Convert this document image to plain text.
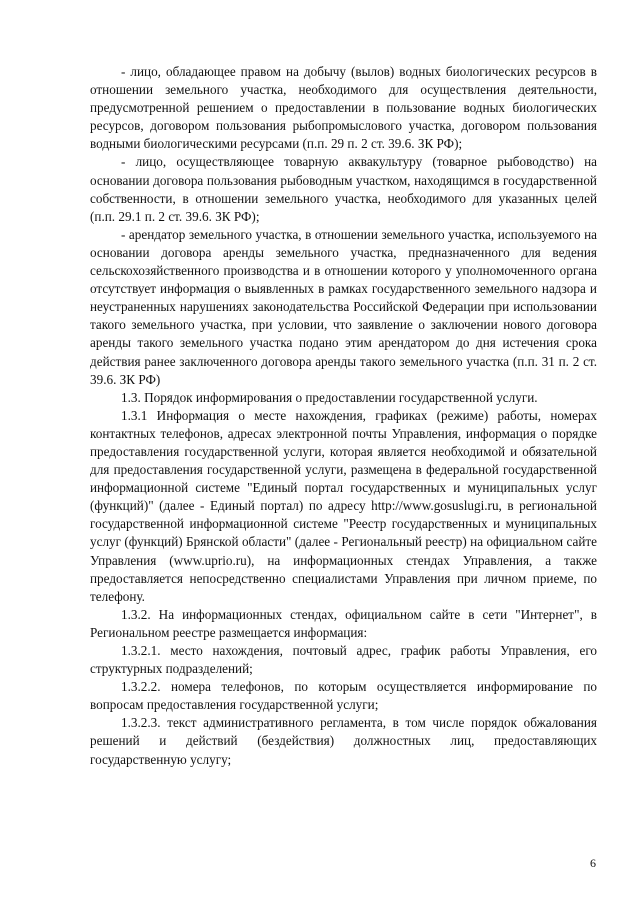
- лицо, обладающее правом на добычу (вылов) водных биологических ресурсов в отношении земельного участка, необходимого для осуществления деятельности, предусмотренной решением о предоставлении в пользование водных биологических ресурсов, договором пользования рыбопромыслового участка, договором пользования водными биологическими ресурсами (п.п. 29 п. 2 ст. 39.6. ЗК РФ);

- лицо, осуществляющее товарную аквакультуру (товарное рыбоводство) на основании договора пользования рыбоводным участком, находящимся в государственной собственности, в отношении земельного участка, необходимого для указанных целей (п.п. 29.1 п. 2 ст. 39.6. ЗК РФ);

- арендатор земельного участка, в отношении земельного участка, используемого на основании договора аренды земельного участка, предназначенного для ведения сельскохозяйственного производства и в отношении которого у уполномоченного органа отсутствует информация о выявленных в рамках государственного земельного надзора и неустраненных нарушениях законодательства Российской Федерации при использовании такого земельного участка, при условии, что заявление о заключении нового договора аренды такого земельного участка подано этим арендатором до дня истечения срока действия ранее заключенного договора аренды такого земельного участка (п.п. 31 п. 2 ст. 39.6. ЗК РФ)

1.3. Порядок информирования о предоставлении государственной услуги.

1.3.1 Информация о месте нахождения, графиках (режиме) работы, номерах контактных телефонов, адресах электронной почты Управления, информация о порядке предоставления государственной услуги, которая является необходимой и обязательной для предоставления государственной услуги, размещена в федеральной государственной информационной системе "Единый портал государственных и муниципальных услуг (функций)" (далее - Единый портал) по адресу http://www.gosuslugi.ru, в региональной государственной информационной системе "Реестр государственных и муниципальных услуг (функций) Брянской области" (далее - Региональный реестр) на официальном сайте Управления (www.uprio.ru), на информационных стендах Управления, а также предоставляется непосредственно специалистами Управления при личном приеме, по телефону.

1.3.2. На информационных стендах, официальном сайте в сети "Интернет", в Региональном реестре размещается информация:

1.3.2.1. место нахождения, почтовый адрес, график работы Управления, его структурных подразделений;

1.3.2.2. номера телефонов, по которым осуществляется информирование по вопросам предоставления государственной услуги;

1.3.2.3. текст административного регламента, в том числе порядок обжалования решений и действий (бездействия) должностных лиц, предоставляющих государственную услугу;

6
